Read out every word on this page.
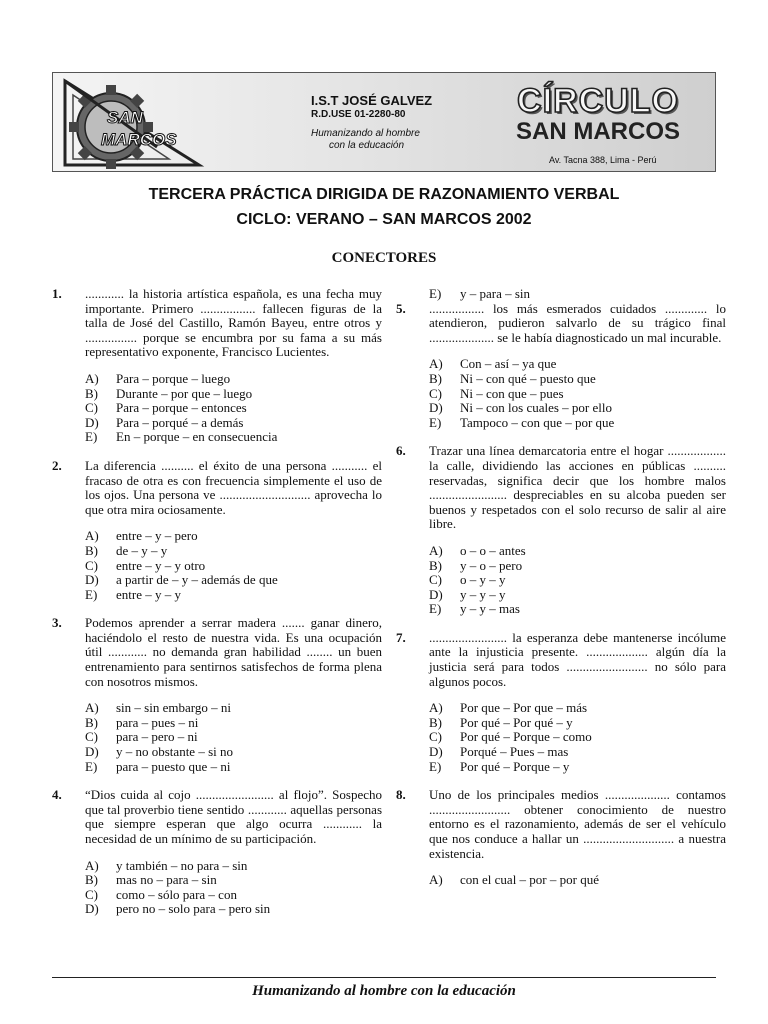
SAN
MARCOS

I.S.T JOSÉ GALVEZ

R.D.USE 01-2280-80

Humanizando al hombre
con la educación

CÍRCULO
SAN MARCOS
Av. Tacna 388, Lima - Perú

TERCERA PRÁCTICA DIRIGIDA DE RAZONAMIENTO VERBAL

CICLO: VERANO – SAN MARCOS 2002

CONECTORES

1. ............ la historia artística española, es una fecha muy importante. Primero ................. fallecen figuras de la talla de José del Castillo, Ramón Bayeu, entre otros y ................ porque se encumbra por su fama a su más representativo exponente, Francisco Lucientes.

A)	Para – porque – luego
B)	Durante – por que – luego
C)	Para – porque – entonces
D)	Para – porqué – a demás
E)	En – porque – en consecuencia
2. La diferencia .......... el éxito de una persona ........... el fracaso de otra es con frecuencia simplemente el uso de los ojos. Una persona ve ............................ aprovecha lo que otra mira ociosamente.

A)	entre – y – pero
B)	de – y – y
C)	entre – y – y otro
D)	a partir de – y – además de que
E)	entre – y – y
3. Podemos aprender a serrar madera ....... ganar dinero, haciéndolo el resto de nuestra vida. Es una ocupación útil ............ no demanda gran habilidad ........ un buen entrenamiento para sentirnos satisfechos de forma plena con nosotros mismos.

A)	sin – sin embargo – ni
B)	para – pues – ni
C)	para – pero – ni
D)	y – no obstante – si no
E)	para – puesto que – ni
4. “Dios cuida al cojo ........................ al flojo”. Sospecho que tal proverbio tiene sentido ............ aquellas personas que siempre esperan que algo ocurra ............ la necesidad de un mínimo de su participación.

A)	y también – no para – sin
B)	mas no – para – sin
C)	como – sólo para – con
D)	pero no – solo para – pero sin
E)	y – para – sin
5. ................. los más esmerados cuidados ............. lo atendieron, pudieron salvarlo de su trágico final .................... se le había diagnosticado un mal incurable.

A)	Con – así – ya que
B)	Ni – con qué – puesto que
C)	Ni – con que – pues
D)	Ni – con los cuales – por ello
E)	Tampoco – con que – por que
6. Trazar una línea demarcatoria entre el hogar .................. la calle, dividiendo las acciones en públicas .......... reservadas, significa decir que los hombre malos ........................ despreciables en su alcoba pueden ser buenos y respetados con el solo recurso de salir al aire libre.

A)	o – o – antes
B)	y – o – pero
C)	o – y – y
D)	y – y – y
E)	y – y – mas
7. ........................ la esperanza debe mantenerse incólume ante la injusticia presente. ................... algún día la justicia será para todos ......................... no sólo para algunos pocos.

A)	Por que – Por que – más
B)	Por qué – Por qué – y
C)	Por qué – Porque – como
D)	Porqué – Pues – mas
E)	Por qué – Porque – y
8. Uno de los principales medios .................... contamos ......................... obtener conocimiento de nuestro entorno es el razonamiento, además de ser el vehículo que nos conduce a hallar un ............................ a nuestra existencia.

A)	con el cual – por – por qué

Humanizando al hombre con la educación
